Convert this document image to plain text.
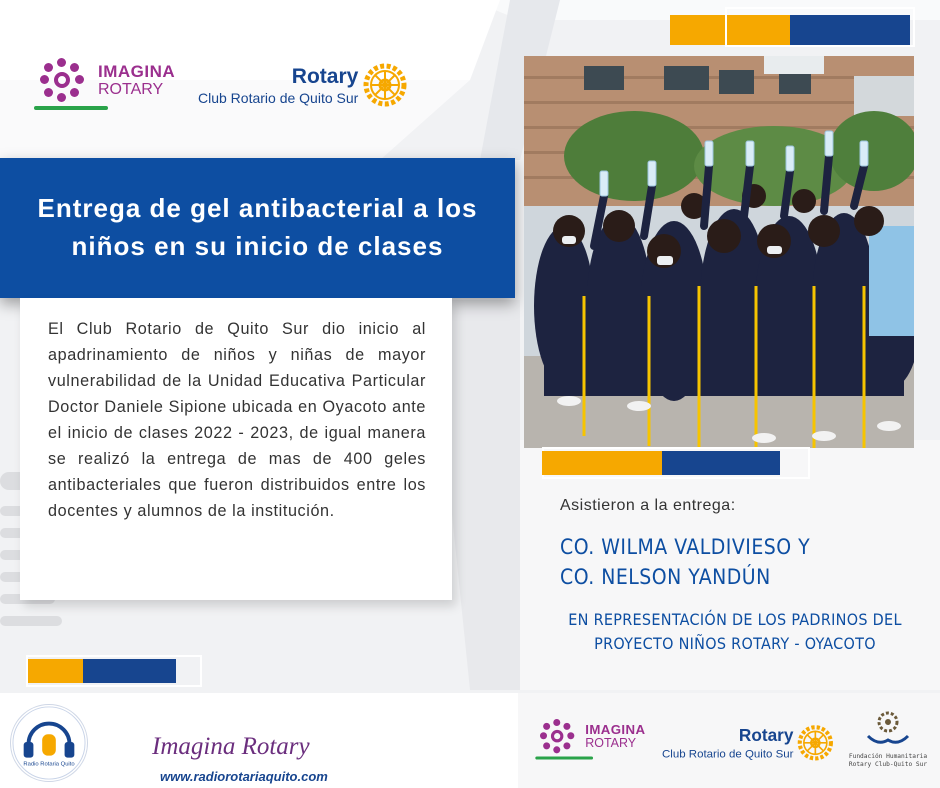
IMAGINA
ROTARY
Rotary
Club Rotario de Quito Sur
Entrega de gel antibacterial a los niños en su inicio de clases

El Club Rotario de Quito Sur dio inicio al apadrinamiento de niños y niñas de mayor vulnerabilidad de la Unidad Educativa Particular Doctor Daniele Sipione ubicada en Oyacoto ante el inicio de clases 2022 - 2023, de igual manera se realizó la entrega de mas de 400 geles antibacteriales que fueron distribuidos entre los docentes y alumnos de la institución.	Asistieron a la entrega:
CO. WILMA VALDIVIESO Y
CO. NELSON YANDÚN
EN REPRESENTACIÓN DE LOS PADRINOS DEL
PROYECTO NIÑOS ROTARY - OYACOTO
Radio Rotaria Quito
Imagina Rotary
www.radiorotariaquito.com
IMAGINA
ROTARY	Rotary
Club Rotario de Quito Sur	Fundación Humanitaria
Rotary Club-Quito Sur
